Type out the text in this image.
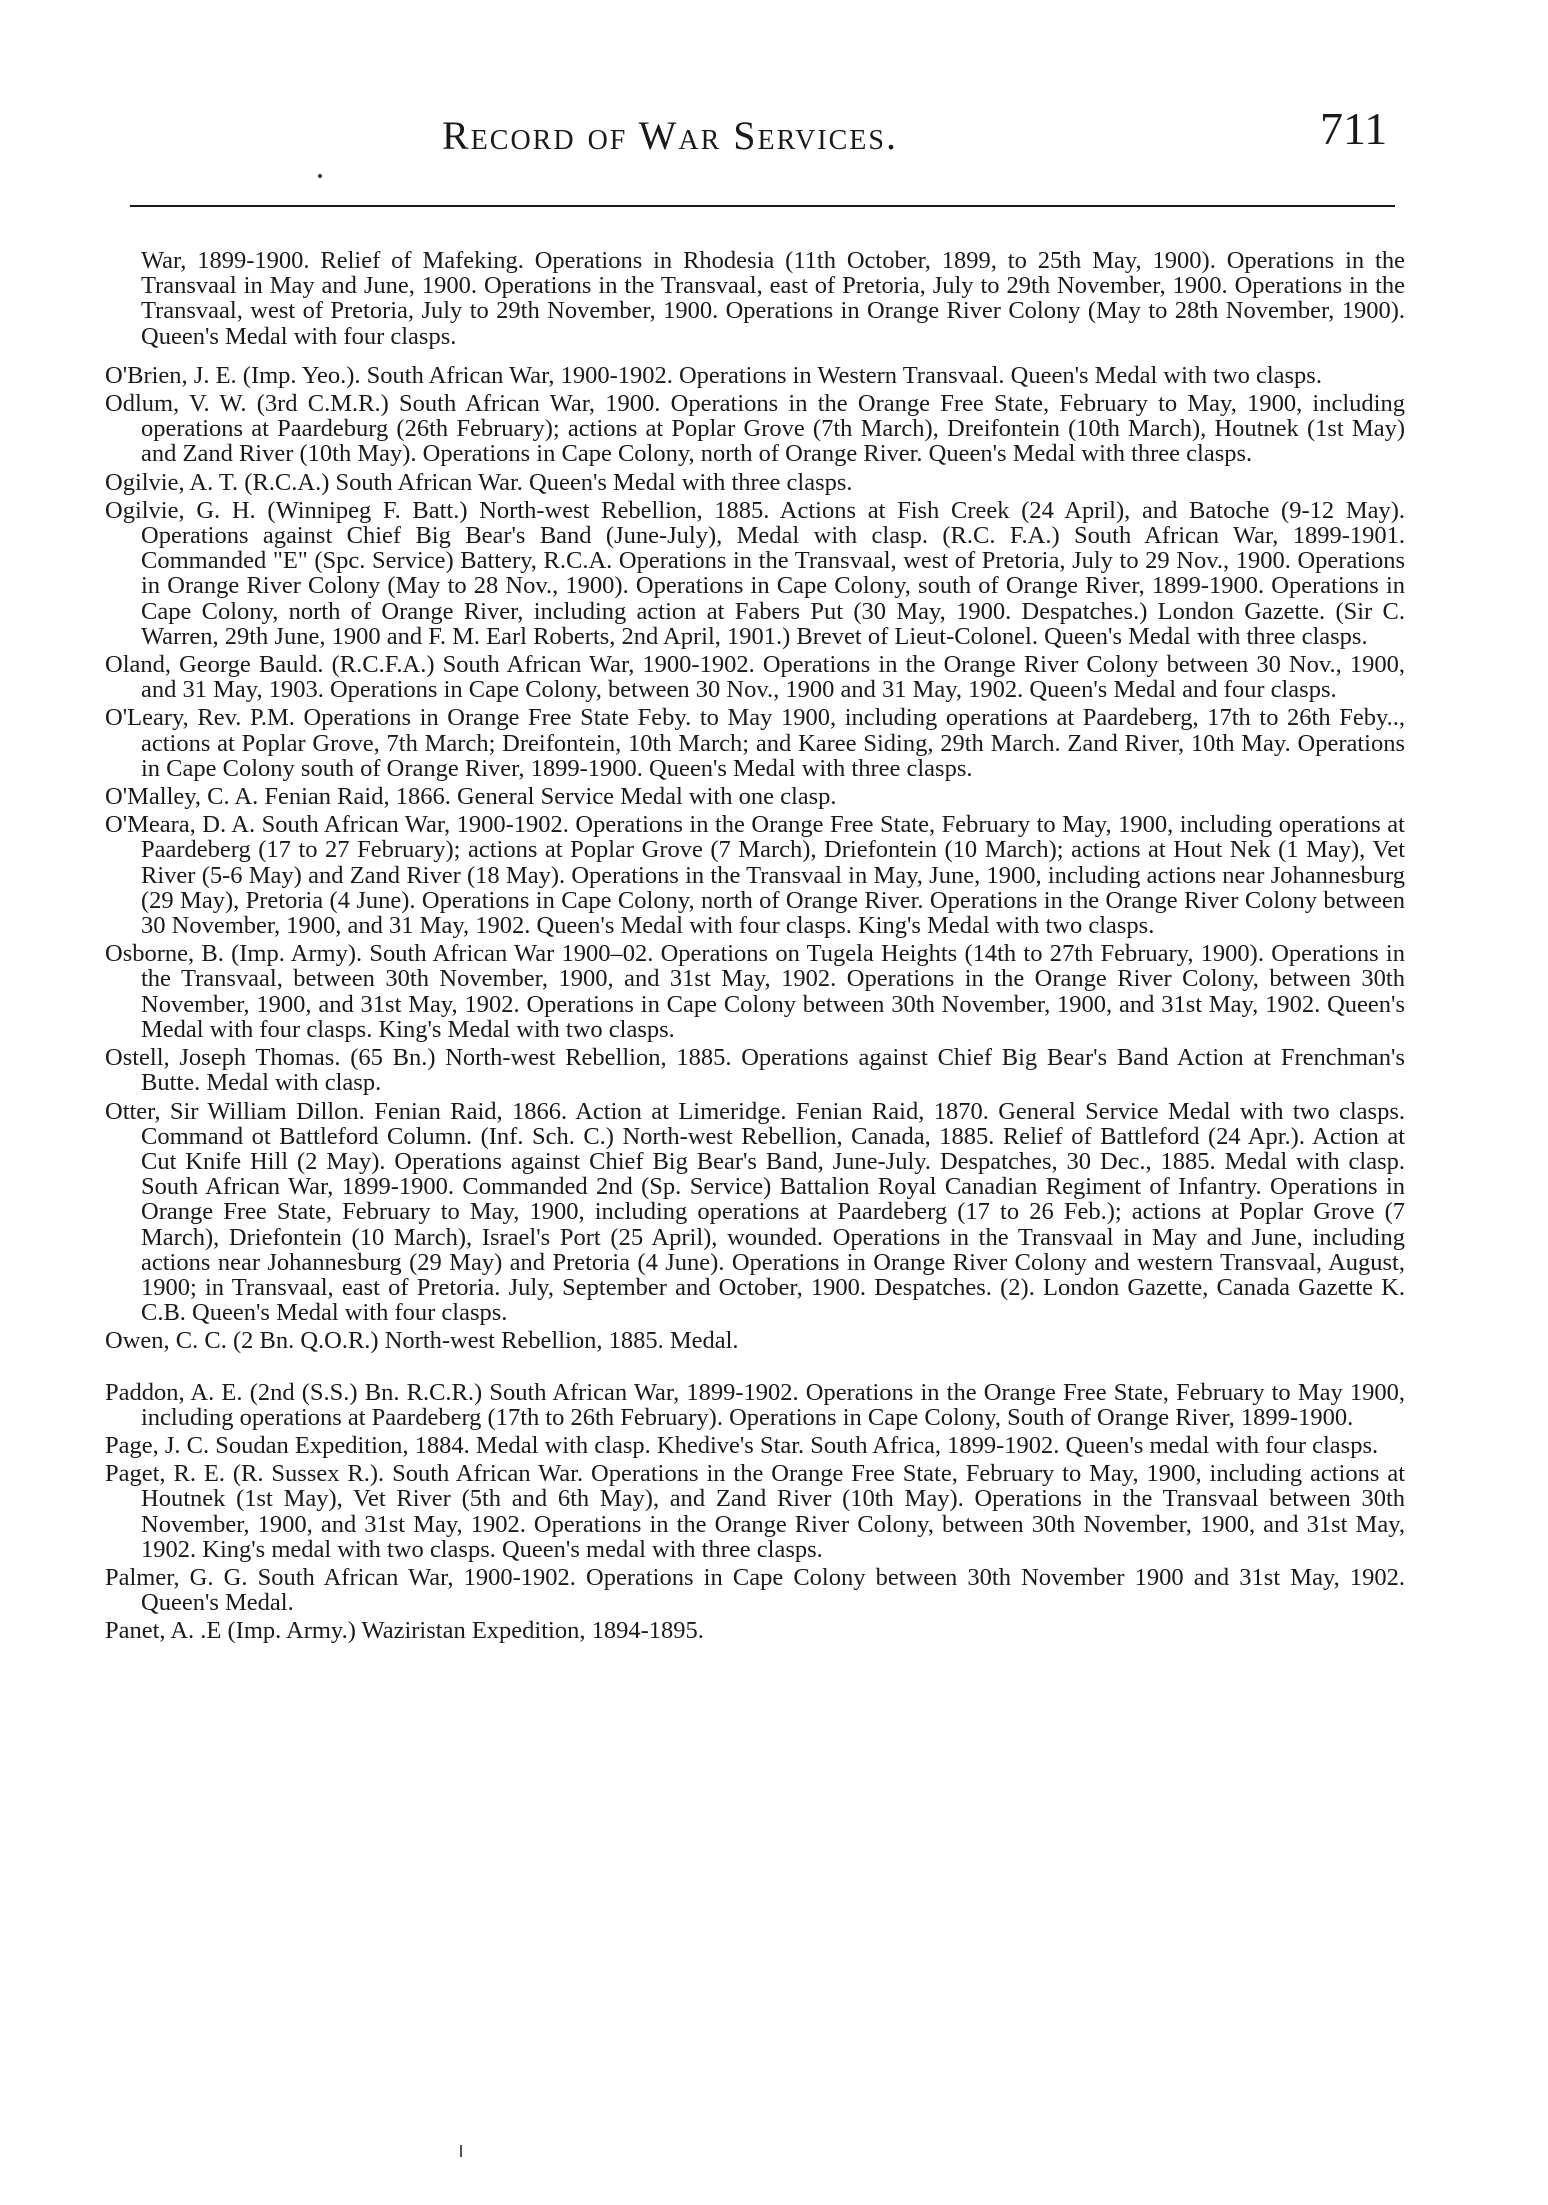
Record of War Services.	711

War, 1899-1900. Relief of Mafeking. Operations in Rhodesia (11th October, 1899, to 25th May, 1900). Operations in the Transvaal in May and June, 1900. Operations in the Transvaal, east of Pretoria, July to 29th November, 1900. Operations in the Transvaal, west of Pretoria, July to 29th November, 1900. Operations in Orange River Colony (May to 28th November, 1900). Queen's Medal with four clasps.

O'Brien, J. E. (Imp. Yeo.). South African War, 1900-1902. Operations in Western Transvaal. Queen's Medal with two clasps.

Odlum, V. W. (3rd C.M.R.) South African War, 1900. Operations in the Orange Free State, February to May, 1900, including operations at Paardeburg (26th February); actions at Poplar Grove (7th March), Dreifontein (10th March), Houtnek (1st May) and Zand River (10th May). Operations in Cape Colony, north of Orange River. Queen's Medal with three clasps.

Ogilvie, A. T. (R.C.A.) South African War. Queen's Medal with three clasps.

Ogilvie, G. H. (Winnipeg F. Batt.) North-west Rebellion, 1885. Actions at Fish Creek (24 April), and Batoche (9-12 May). Operations against Chief Big Bear's Band (June-July), Medal with clasp. (R.C. F.A.) South African War, 1899-1901. Commanded "E" (Spc. Service) Battery, R.C.A. Operations in the Transvaal, west of Pretoria, July to 29 Nov., 1900. Operations in Orange River Colony (May to 28 Nov., 1900). Operations in Cape Colony, south of Orange River, 1899-1900. Operations in Cape Colony, north of Orange River, including action at Fabers Put (30 May, 1900. Despatches.) London Gazette. (Sir C. Warren, 29th June, 1900 and F. M. Earl Roberts, 2nd April, 1901.) Brevet of Lieut-Colonel. Queen's Medal with three clasps.

Oland, George Bauld. (R.C.F.A.) South African War, 1900-1902. Operations in the Orange River Colony between 30 Nov., 1900, and 31 May, 1903. Operations in Cape Colony, between 30 Nov., 1900 and 31 May, 1902. Queen's Medal and four clasps.

O'Leary, Rev. P.M. Operations in Orange Free State Feby. to May 1900, including operations at Paardeberg, 17th to 26th Feby.., actions at Poplar Grove, 7th March; Dreifontein, 10th March; and Karee Siding, 29th March. Zand River, 10th May. Operations in Cape Colony south of Orange River, 1899-1900. Queen's Medal with three clasps.

O'Malley, C. A. Fenian Raid, 1866. General Service Medal with one clasp.

O'Meara, D. A. South African War, 1900-1902. Operations in the Orange Free State, February to May, 1900, including operations at Paardeberg (17 to 27 February); actions at Poplar Grove (7 March), Driefontein (10 March); actions at Hout Nek (1 May), Vet River (5-6 May) and Zand River (18 May). Operations in the Transvaal in May, June, 1900, including actions near Johannesburg (29 May), Pretoria (4 June). Operations in Cape Colony, north of Orange River. Operations in the Orange River Colony between 30 November, 1900, and 31 May, 1902. Queen's Medal with four clasps. King's Medal with two clasps.

Osborne, B. (Imp. Army). South African War 1900–02. Operations on Tugela Heights (14th to 27th February, 1900). Operations in the Transvaal, between 30th November, 1900, and 31st May, 1902. Operations in the Orange River Colony, between 30th November, 1900, and 31st May, 1902. Operations in Cape Colony between 30th November, 1900, and 31st May, 1902. Queen's Medal with four clasps. King's Medal with two clasps.

Ostell, Joseph Thomas. (65 Bn.) North-west Rebellion, 1885. Operations against Chief Big Bear's Band Action at Frenchman's Butte. Medal with clasp.

Otter, Sir William Dillon. Fenian Raid, 1866. Action at Limeridge. Fenian Raid, 1870. General Service Medal with two clasps. Command ot Battleford Column. (Inf. Sch. C.) North-west Rebellion, Canada, 1885. Relief of Battleford (24 Apr.). Action at Cut Knife Hill (2 May). Operations against Chief Big Bear's Band, June-July. Despatches, 30 Dec., 1885. Medal with clasp. South African War, 1899-1900. Commanded 2nd (Sp. Service) Battalion Royal Canadian Regiment of Infantry. Operations in Orange Free State, February to May, 1900, including operations at Paardeberg (17 to 26 Feb.); actions at Poplar Grove (7 March), Driefontein (10 March), Israel's Port (25 April), wounded. Operations in the Transvaal in May and June, including actions near Johannesburg (29 May) and Pretoria (4 June). Operations in Orange River Colony and western Transvaal, August, 1900; in Transvaal, east of Pretoria. July, September and October, 1900. Despatches. (2). London Gazette, Canada Gazette K. C.B. Queen's Medal with four clasps.

Owen, C. C. (2 Bn. Q.O.R.) North-west Rebellion, 1885. Medal.

Paddon, A. E. (2nd (S.S.) Bn. R.C.R.) South African War, 1899-1902. Operations in the Orange Free State, February to May 1900, including operations at Paardeberg (17th to 26th February). Operations in Cape Colony, South of Orange River, 1899-1900.

Page, J. C. Soudan Expedition, 1884. Medal with clasp. Khedive's Star. South Africa, 1899-1902. Queen's medal with four clasps.

Paget, R. E. (R. Sussex R.). South African War. Operations in the Orange Free State, February to May, 1900, including actions at Houtnek (1st May), Vet River (5th and 6th May), and Zand River (10th May). Operations in the Transvaal between 30th November, 1900, and 31st May, 1902. Operations in the Orange River Colony, between 30th November, 1900, and 31st May, 1902. King's medal with two clasps. Queen's medal with three clasps.

Palmer, G. G. South African War, 1900-1902. Operations in Cape Colony between 30th November 1900 and 31st May, 1902. Queen's Medal.

Panet, A. .E (Imp. Army.) Waziristan Expedition, 1894-1895.
